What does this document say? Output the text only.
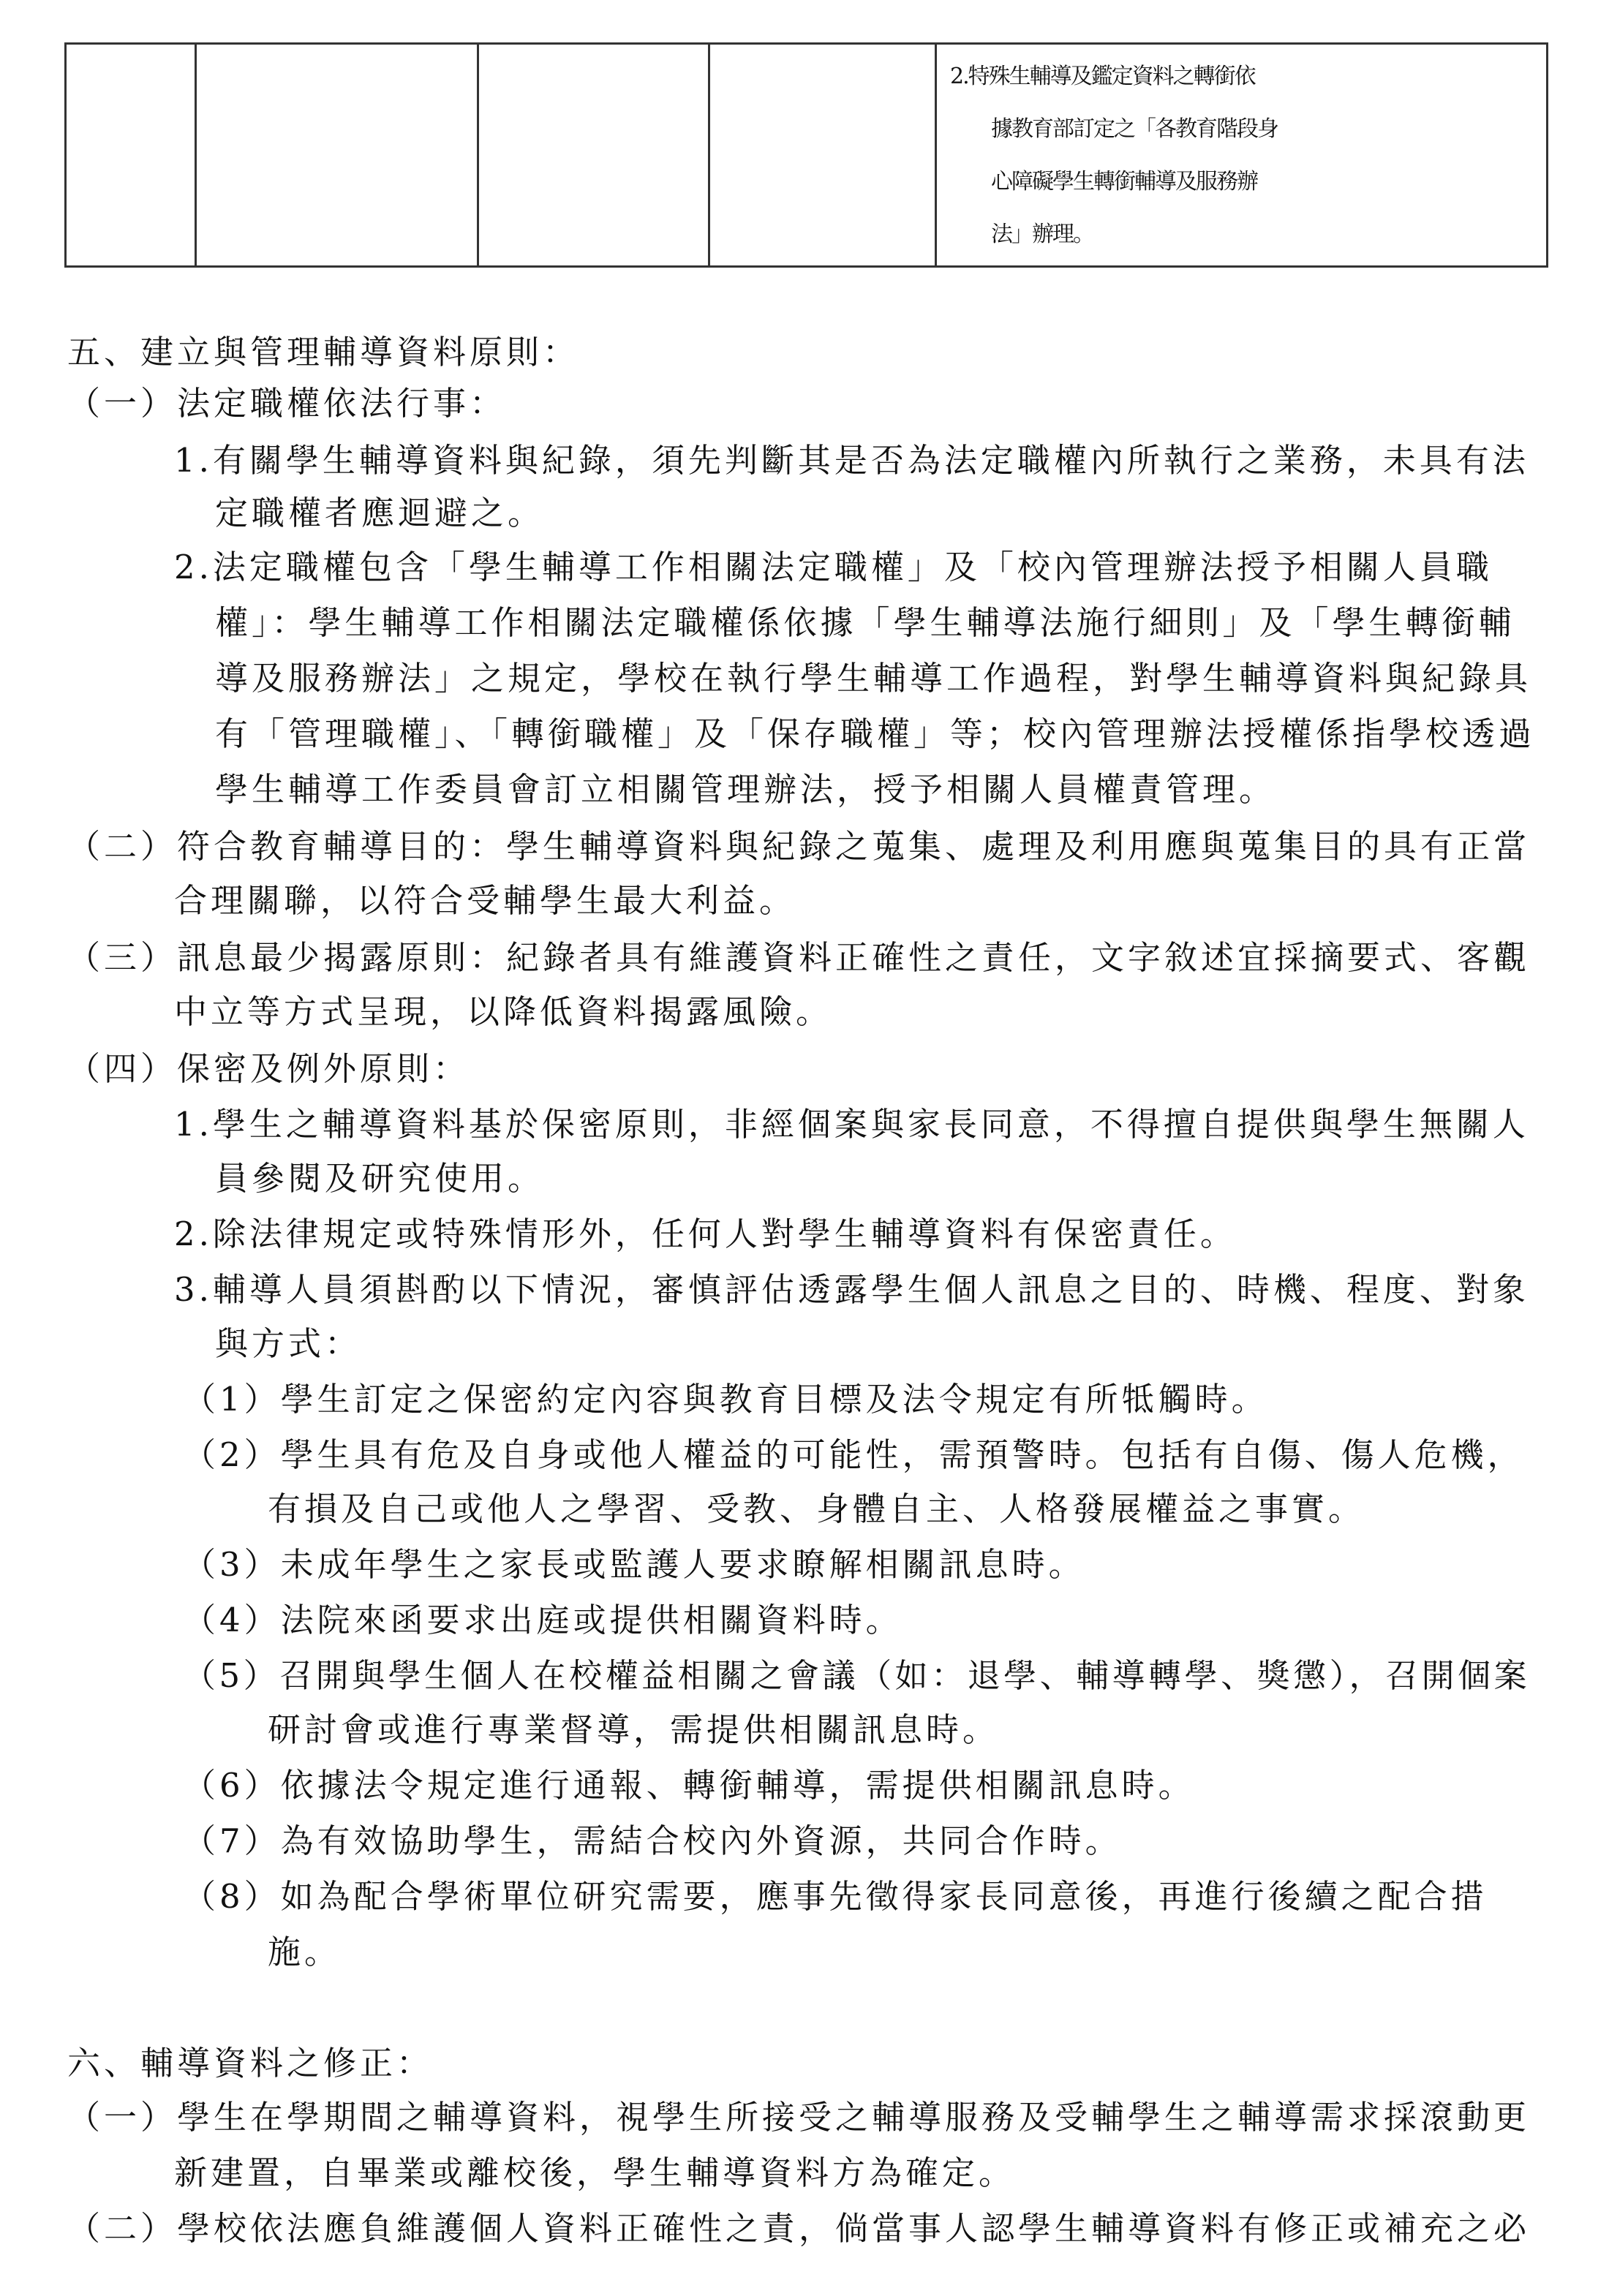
2.特殊生輔導及鑑定資料之轉銜依
據教育部訂定之「各教育階段身
心障礙學生轉銜輔導及服務辦
法」辦理。
五、建立與管理輔導資料原則：
（一）法定職權依法行事：
1.有關學生輔導資料與紀錄，須先判斷其是否為法定職權內所執行之業務，未具有法
定職權者應迴避之。
2.法定職權包含「學生輔導工作相關法定職權」及「校內管理辦法授予相關人員職
權」：學生輔導工作相關法定職權係依據「學生輔導法施行細則」及「學生轉銜輔
導及服務辦法」之規定，學校在執行學生輔導工作過程，對學生輔導資料與紀錄具
有「管理職權」、「轉銜職權」及「保存職權」等；校內管理辦法授權係指學校透過
學生輔導工作委員會訂立相關管理辦法，授予相關人員權責管理。
（二）符合教育輔導目的：學生輔導資料與紀錄之蒐集、處理及利用應與蒐集目的具有正當
合理關聯，以符合受輔學生最大利益。
（三）訊息最少揭露原則：紀錄者具有維護資料正確性之責任，文字敘述宜採摘要式、客觀
中立等方式呈現，以降低資料揭露風險。
（四）保密及例外原則：
1.學生之輔導資料基於保密原則，非經個案與家長同意，不得擅自提供與學生無關人
員參閱及研究使用。
2.除法律規定或特殊情形外，任何人對學生輔導資料有保密責任。
3.輔導人員須斟酌以下情況，審慎評估透露學生個人訊息之目的、時機、程度、對象
與方式：
（1）學生訂定之保密約定內容與教育目標及法令規定有所牴觸時。
（2）學生具有危及自身或他人權益的可能性，需預警時。包括有自傷、傷人危機，
有損及自己或他人之學習、受教、身體自主、人格發展權益之事實。
（3）未成年學生之家長或監護人要求瞭解相關訊息時。
（4）法院來函要求出庭或提供相關資料時。
（5）召開與學生個人在校權益相關之會議（如：退學、輔導轉學、獎懲），召開個案
研討會或進行專業督導，需提供相關訊息時。
（6）依據法令規定進行通報、轉銜輔導，需提供相關訊息時。
（7）為有效協助學生，需結合校內外資源，共同合作時。
（8）如為配合學術單位研究需要，應事先徵得家長同意後，再進行後續之配合措
施。
六、輔導資料之修正：
（一）學生在學期間之輔導資料，視學生所接受之輔導服務及受輔學生之輔導需求採滾動更
新建置，自畢業或離校後，學生輔導資料方為確定。
（二）學校依法應負維護個人資料正確性之責，倘當事人認學生輔導資料有修正或補充之必
